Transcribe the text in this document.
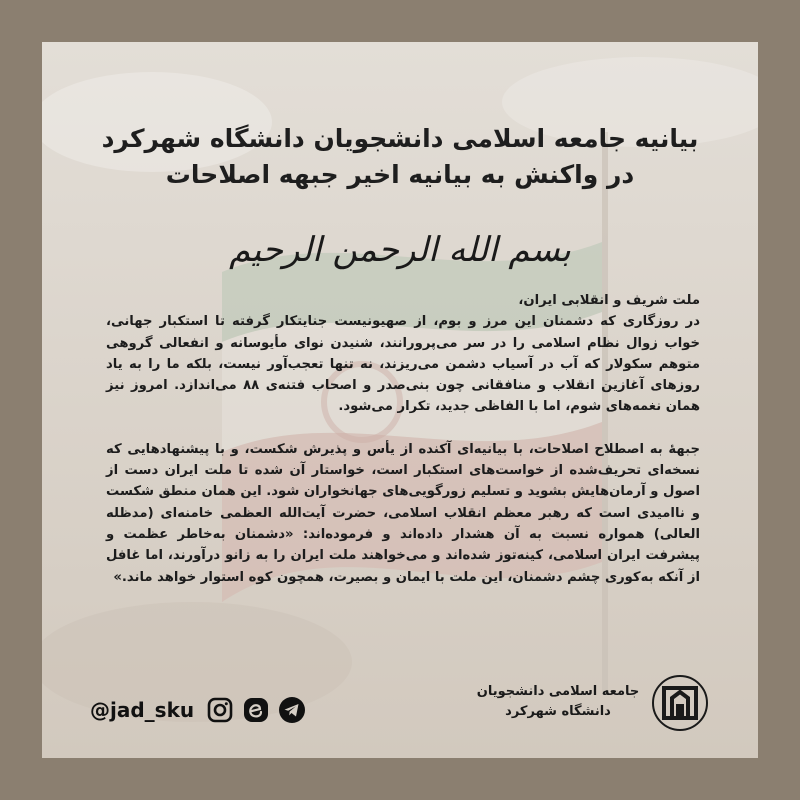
بیانیه جامعه اسلامی دانشجویان دانشگاه شهرکرد
در واکنش به بیانیه اخیر جبهه اصلاحات
بسم الله الرحمن الرحیم

ملت شریف و انقلابی ایران،

در روزگاری که دشمنان این مرز و بوم، از صهیونیست جنایتکار گرفته تا استکبار جهانی، خواب زوال نظام اسلامی را در سر می‌پرورانند، شنیدن نوای مأیوسانه و انفعالی گروهی متوهم سکولار که آب در آسیاب دشمن می‌ریزند، نه تنها تعجب‌آور نیست، بلکه ما را به یاد روزهای آغازین انقلاب و منافقانی چون بنی‌صدر و اصحاب فتنه‌ی ۸۸ می‌اندازد. امروز نیز همان نغمه‌های شوم، اما با الفاظی جدید، تکرار می‌شود.

جبههٔ به اصطلاح اصلاحات، با بیانیه‌ای آکنده از یأس و پذیرش شکست، و با پیشنهادهایی که نسخه‌ای تحریف‌شده از خواست‌های استکبار است، خواستار آن شده تا ملت ایران دست از اصول و آرمان‌هایش بشوید و تسلیم زورگویی‌های جهانخواران شود. این همان منطق شکست و ناامیدی است که رهبر معظم انقلاب اسلامی، حضرت آیت‌الله العظمی خامنه‌ای (مدظله العالی) همواره نسبت به آن هشدار داده‌اند و فرموده‌اند: «دشمنان به‌خاطر عظمت و پیشرفت ایران اسلامی، کینه‌توز شده‌اند و می‌خواهند ملت ایران را به زانو درآورند، اما غافل از آنکه به‌کوری چشم دشمنان، این ملت با ایمان و بصیرت، همچون کوه استوار خواهد ماند.»

جامعه اسلامی دانشجویان
دانشگاه شهرکرد
@jad_sku
